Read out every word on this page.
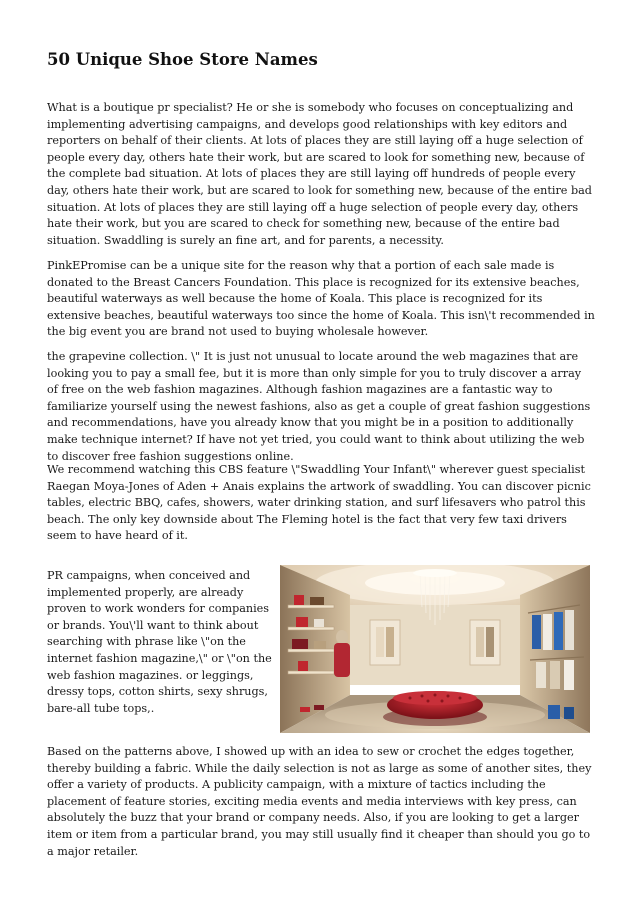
50 Unique Shoe Store Names

What is a boutique pr specialist? He or she is somebody who focuses on conceptualizing and implementing advertising campaigns, and develops good relationships with key editors and reporters on behalf of their clients. At lots of places they are still laying off a huge selection of people every day, others hate their work, but are scared to look for something new, because of the complete bad situation. At lots of places they are still laying off hundreds of people every day, others hate their work, but are scared to look for something new, because of the entire bad situation. At lots of places they are still laying off a huge selection of people every day, others hate their work, but you are scared to check for something new, because of the entire bad situation. Swaddling is surely an fine art, and for parents, a necessity.

PinkEPromise can be a unique site for the reason why that a portion of each sale made is donated to the Breast Cancers Foundation. This place is recognized for its extensive beaches, beautiful waterways as well because the home of Koala. This place is recognized for its extensive beaches, beautiful waterways too since the home of Koala. This isn\'t recommended in the big event you are brand not used to buying wholesale however.

the grapevine collection. \" It is just not unusual to locate around the web magazines that are looking you to pay a small fee, but it is more than only simple for you to truly discover a array of free on the web fashion magazines. Although fashion magazines are a fantastic way to familiarize yourself using the newest fashions, also as get a couple of great fashion suggestions and recommendations, have you already know that you might be in a position to additionally make technique internet? If have not yet tried, you could want to think about utilizing the web to discover free fashion suggestions online.

We recommend watching this CBS feature \"Swaddling Your Infant\" wherever guest specialist Raegan Moya-Jones of Aden + Anais explains the artwork of swaddling. You can discover picnic tables, electric BBQ, cafes, showers, water drinking station, and surf lifesavers who patrol this beach. The only key downside about The Fleming hotel is the fact that very few taxi drivers seem to have heard of it.

PR campaigns, when conceived and implemented properly, are already proven to work wonders for companies or brands. You\'ll want to think about searching with phrase like \"on the internet fashion magazine,\" or \"on the web fashion magazines. or leggings, dressy tops, cotton shirts, sexy shrugs, bare-all tube tops,.

Based on the patterns above, I showed up with an idea to sew or crochet the edges together, thereby building a fabric. While the daily selection is not as large as some of another sites, they offer a variety of products. A publicity campaign, with a mixture of tactics including the placement of feature stories, exciting media events and media interviews with key press, can absolutely the buzz that your brand or company needs. Also, if you are looking to get a larger item or item from a particular brand, you may still usually find it cheaper than should you go to a major retailer.
